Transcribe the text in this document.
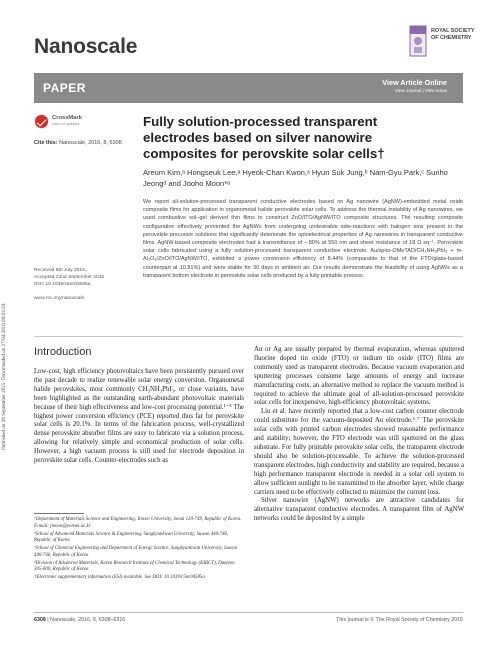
Published on 28 September 2015. Downloaded on 27/04/2016 00:03:20.
Nanoscale
ROYAL SOCIETY
OF CHEMISTRY
PAPER	View Article Online
View Journal | View Issue
CrossMark
click for updates
Cite this: Nanoscale, 2016, 8, 6308
Fully solution-processed transparent electrodes based on silver nanowire composites for perovskite solar cells†
Areum Kim,ᵃ Hongseuk Lee,ᵃ Hyeok-Chan Kwon,ᵃ Hyun Suk Jung,ᵇ Nam-Gyu Park,ᶜ Sunho Jeongᵈ and Jooho Moon*ᵃ
Received 9th July 2015,
Accepted 22nd September 2015
DOI: 10.1039/c5nr04585a

www.rsc.org/nanoscale
We report all-solution-processed transparent conductive electrodes based on Ag nanowire (AgNW)-embedded metal oxide composite films for application in organometal halide perovskite solar cells. To address the thermal instability of Ag nanowires, we used combustive sol–gel derived thin films to construct ZnO/ITO/AgNW/ITO composite structures. The resulting composite configuration effectively prevented the AgNWs from undergoing undesirable side-reactions with halogen ions present in the perovskite precursor solutions that significantly deteriorate the optoelectrical properties of Ag nanowires in transparent conductive films. AgNW-based composite electrodes had a transmittance of ∼80% at 550 nm and sheet resistance of 18 Ω sq⁻¹. Perovskite solar cells fabricated using a fully solution-processed transparent conductive electrode, Au/spiro-OMeTAD/CH₃NH₃PbI₃ + m-Al₂O₃/ZnO/ITO/AgNW/ITO, exhibited a power conversion efficiency of 8.44% (comparable to that of the FTO/glass-based counterpart at 10.81%) and were stable for 30 days in ambient air. Our results demonstrate the feasibility of using AgNWs as a transparent bottom electrode in perovskite solar cells produced by a fully printable process.
Introduction

Low-cost, high efficiency photovoltaics have been persistently pursued over the past decade to realize renewable solar energy conversion. Organometal halide perovskites, most commonly CH₃NH₃PbI₃, or close variants, have been highlighted as the outstanding earth-abundant photovoltaic materials because of their high effectiveness and low-cost processing potential.¹⁻⁵ The highest power conversion efficiency (PCE) reported thus far for perovskite solar cells is 20.1%. In terms of the fabrication process, well-crystallized dense perovskite absorber films are easy to fabricate via a solution process, allowing for relatively simple and economical production of solar cells. However, a high vacuum process is still used for electrode deposition in perovskite solar cells. Counter-electrodes such as

Au or Ag are usually prepared by thermal evaporation, whereas sputtered fluorine doped tin oxide (FTO) or indium tin oxide (ITO) films are commonly used as transparent electrodes. Because vacuum evaporation and sputtering processes consume large amounts of energy and increase manufacturing costs, an alternative method to replace the vacuum method is required to achieve the ultimate goal of all-solution-processed perovskite solar cells for inexpensive, high-efficiency photovoltaic systems.

Liu et al. have recently reported that a low-cost carbon counter electrode could substitute for the vacuum-deposited Au electrode.⁶˒⁷ The perovskite solar cells with printed carbon electrodes showed reasonable performance and stability; however, the FTO electrode was still sputtered on the glass substrate. For fully printable perovskite solar cells, the transparent electrode should also be solution-processable. To achieve the solution-processed transparent electrodes, high conductivity and stability are required, because a high performance transparent electrode is needed in a solar cell system to allow sufficient sunlight to be transmitted to the absorber layer, while charge carriers need to be effectively collected to minimize the current loss.

Silver nanowire (AgNW) networks are attractive candidates for alternative transparent conductive electrodes. A transparent film of AgNW networks could be deposited by a simple

ᵃDepartment of Materials Science and Engineering, Yonsei University, Seoul 120-749, Republic of Korea. E-mail: jmoon@yonsei.ac.kr

ᵇSchool of Advanced Materials Science & Engineering, Sungkyunkwan University, Suwon 440-746, Republic of Korea

ᶜSchool of Chemical Engineering and Department of Energy Science, Sungkyunkwan University, Suwon 440-746, Republic of Korea

ᵈDivision of Advanced Materials, Korea Research Institute of Chemical Technology (KRICT), Daejeon 305-600, Republic of Korea

†Electronic supplementary information (ESI) available. See DOI: 10.1039/c5nr04585a

6308 | Nanoscale, 2016, 8, 6308–6316	This journal is © The Royal Society of Chemistry 2016
